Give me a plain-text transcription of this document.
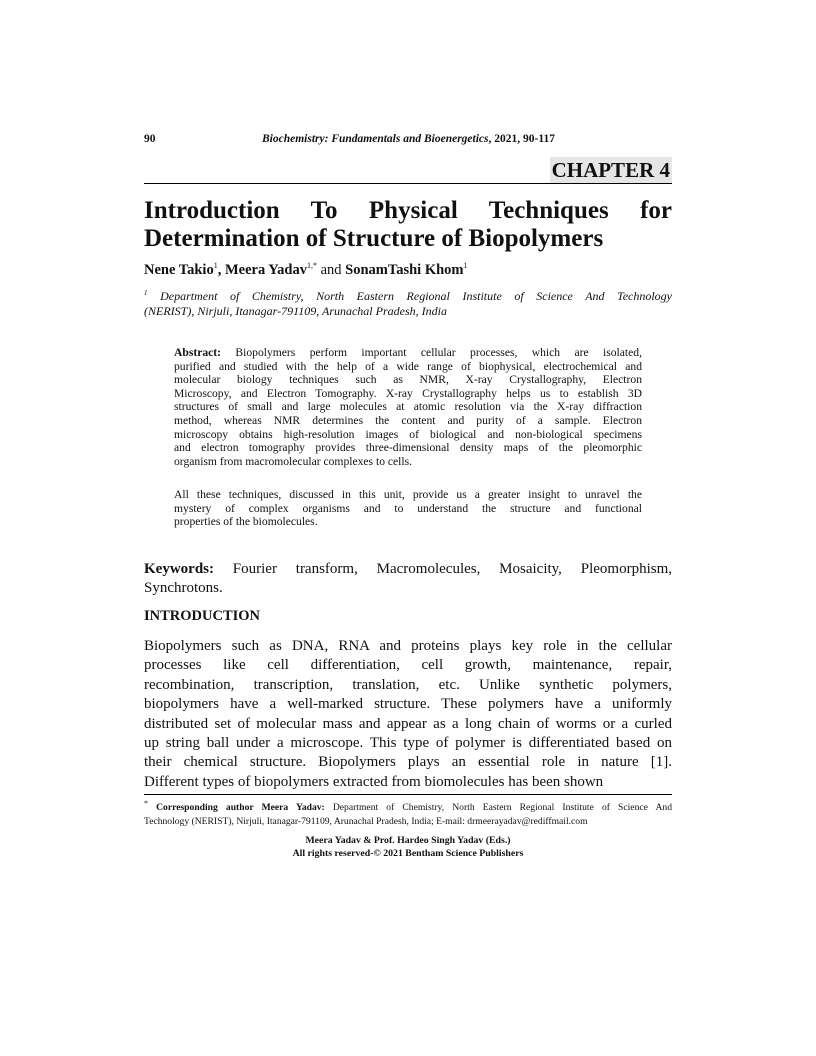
90	Biochemistry: Fundamentals and Bioenergetics, 2021, 90-117
CHAPTER 4
Introduction To Physical Techniques for
Determination of Structure of Biopolymers
Nene Takio$^1$, Meera Yadav$^{1,*}$ and SonamTashi Khom$^1$
$^1$ Department of Chemistry, North Eastern Regional Institute of Science And Technology
(NERIST), Nirjuli, Itanagar-791109, Arunachal Pradesh, India
Abstract: Biopolymers perform important cellular processes, which are isolated,
purified and studied with the help of a wide range of biophysical, electrochemical and
molecular biology techniques such as NMR, X-ray Crystallography, Electron
Microscopy, and Electron Tomography. X-ray Crystallography helps us to establish 3D
structures of small and large molecules at atomic resolution via the X-ray diffraction
method, whereas NMR determines the content and purity of a sample. Electron
microscopy obtains high-resolution images of biological and non-biological specimens
and electron tomography provides three-dimensional density maps of the pleomorphic
organism from macromolecular complexes to cells.
All these techniques, discussed in this unit, provide us a greater insight to unravel the
mystery of complex organisms and to understand the structure and functional
properties of the biomolecules.
Keywords: Fourier transform, Macromolecules, Mosaicity, Pleomorphism,
Synchrotons.
INTRODUCTION
Biopolymers such as DNA, RNA and proteins plays key role in the cellular
processes like cell differentiation, cell growth, maintenance, repair,
recombination, transcription, translation, etc. Unlike synthetic polymers,
biopolymers have a well-marked structure. These polymers have a uniformly
distributed set of molecular mass and appear as a long chain of worms or a curled
up string ball under a microscope. This type of polymer is differentiated based on
their chemical structure. Biopolymers plays an essential role in nature [1].
Different types of biopolymers extracted from biomolecules has been shown
* Corresponding author Meera Yadav: Department of Chemistry, North Eastern Regional Institute of Science And
Technology (NERIST), Nirjuli, Itanagar-791109, Arunachal Pradesh, India; E-mail: drmeerayadav@rediffmail.com
Meera Yadav & Prof. Hardeo Singh Yadav (Eds.)
All rights reserved-© 2021 Bentham Science Publishers
